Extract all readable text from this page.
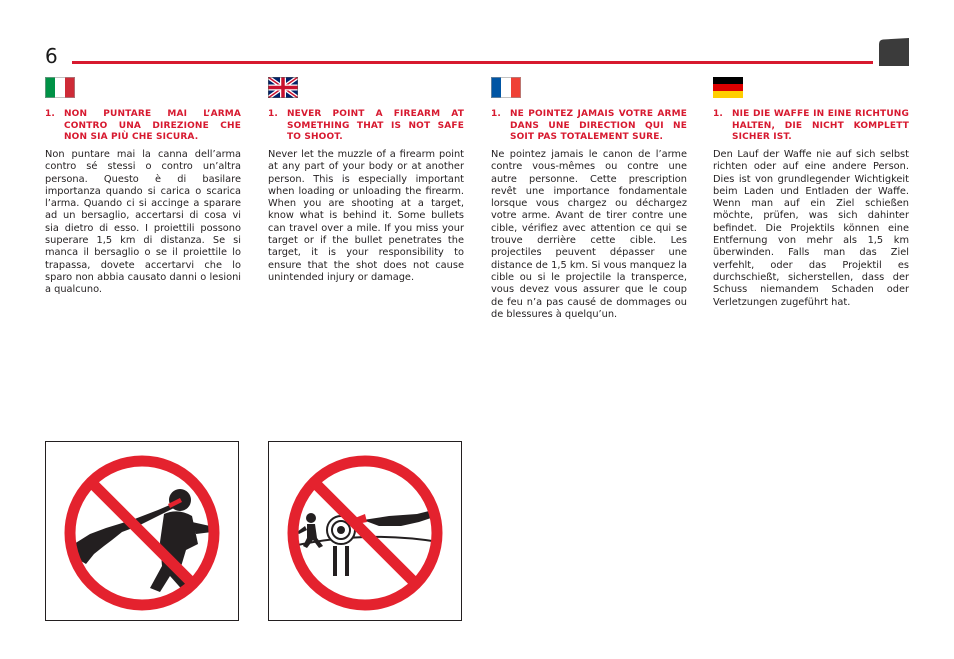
6
1. NON PUNTARE MAI L’ARMA CONTRO UNA DIREZIONE CHE NON SIA PIÙ CHE SICURA.
Non puntare mai la canna dell’arma contro sé stessi o contro un’altra persona. Questo è di basilare importanza quando si carica o scarica l’arma. Quando ci si accinge a sparare ad un bersaglio, accertarsi di cosa vi sia dietro di esso. I proiettili possono superare 1,5 km di distanza. Se si manca il bersaglio o se il proiettile lo trapassa, dovete accertarvi che lo sparo non abbia causato danni o lesioni a qualcuno.
1. NEVER POINT A FIREARM AT SOMETHING THAT IS NOT SAFE TO SHOOT.
Never let the muzzle of a firearm point at any part of your body or at another person. This is especially important when loading or unloading the firearm. When you are shooting at a target, know what is behind it. Some bullets can travel over a mile. If you miss your target or if the bullet penetrates the target, it is your responsibility to ensure that the shot does not cause unintended injury or damage.
1. NE POINTEZ JAMAIS VOTRE ARME DANS UNE DIRECTION QUI NE SOIT PAS TOTALEMENT SURE.
Ne pointez jamais le canon de l’arme contre vous-mêmes ou contre une autre personne. Cette prescription revêt une importance fondamentale lorsque vous chargez ou déchargez votre arme. Avant de tirer contre une cible, vérifiez avec attention ce qui se trouve derrière cette cible. Les projectiles peuvent dépasser une distance de 1,5 km. Si vous manquez la cible ou si le projectile la transperce, vous devez vous assurer que le coup de feu n’a pas causé de dommages ou de blessures à quelqu’un.
1. NIE DIE WAFFE IN EINE RICHTUNG HALTEN, DIE NICHT KOMPLETT SICHER IST.
Den Lauf der Waffe nie auf sich selbst richten oder auf eine andere Person. Dies ist von grundlegender Wichtigkeit beim Laden und Entladen der Waffe. Wenn man auf ein Ziel schießen möchte, prüfen, was sich dahinter befindet. Die Projektils können eine Entfernung von mehr als 1,5 km überwinden. Falls man das Ziel verfehlt, oder das Projektil es durchschießt, sicherstellen, dass der Schuss niemandem Schaden oder Verletzungen zugeführt hat.
